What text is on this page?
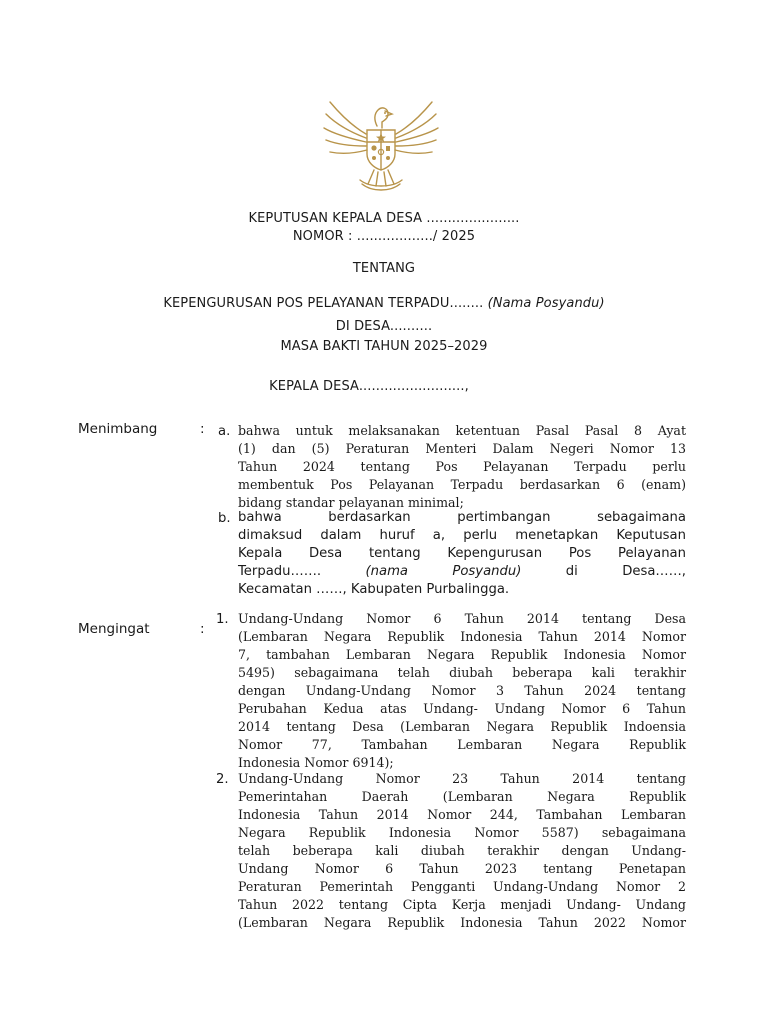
KEPUTUSAN KEPALA DESA ......................
NOMOR : ................../ 2025
TENTANG
KEPENGURUSAN POS PELAYANAN TERPADU........ (Nama Posyandu)
DI DESA..........
MASA BAKTI TAHUN 2025–2029
KEPALA DESA.........................,
Menimbang	: a. bahwa untuk melaksanakan ketentuan Pasal Pasal 8 Ayat
(1) dan (5) Peraturan Menteri Dalam Negeri Nomor 13
Tahun 2024 tentang Pos Pelayanan Terpadu perlu
membentuk Pos Pelayanan Terpadu berdasarkan 6 (enam)
bidang standar pelayanan minimal;
b. bahwa berdasarkan pertimbangan sebagaimana
dimaksud dalam huruf a, perlu menetapkan Keputusan
Kepala Desa tentang Kepengurusan Pos Pelayanan
Terpadu…….	(nama Posyandu)	di Desa……,
Kecamatan ……, Kabupaten Purbalingga.
Mengingat	:
1. Undang-Undang Nomor 6 Tahun 2014 tentang Desa
(Lembaran Negara Republik Indonesia Tahun 2014 Nomor
7, tambahan Lembaran Negara Republik Indonesia Nomor
5495) sebagaimana telah diubah beberapa kali terakhir
dengan Undang-Undang Nomor 3 Tahun 2024 tentang
Perubahan Kedua atas Undang- Undang Nomor 6 Tahun
2014 tentang Desa (Lembaran Negara Republik Indoensia
Nomor 77, Tambahan Lembaran Negara Republik
Indonesia Nomor 6914);
2. Undang-Undang Nomor 23 Tahun 2014 tentang
Pemerintahan Daerah (Lembaran Negara Republik
Indonesia Tahun 2014 Nomor 244, Tambahan Lembaran
Negara Republik Indonesia Nomor 5587) sebagaimana
telah beberapa kali diubah terakhir dengan Undang-
Undang Nomor 6 Tahun 2023 tentang Penetapan
Peraturan Pemerintah Pengganti Undang-Undang Nomor 2
Tahun 2022 tentang Cipta Kerja menjadi Undang- Undang
(Lembaran Negara Republik Indonesia Tahun 2022 Nomor
